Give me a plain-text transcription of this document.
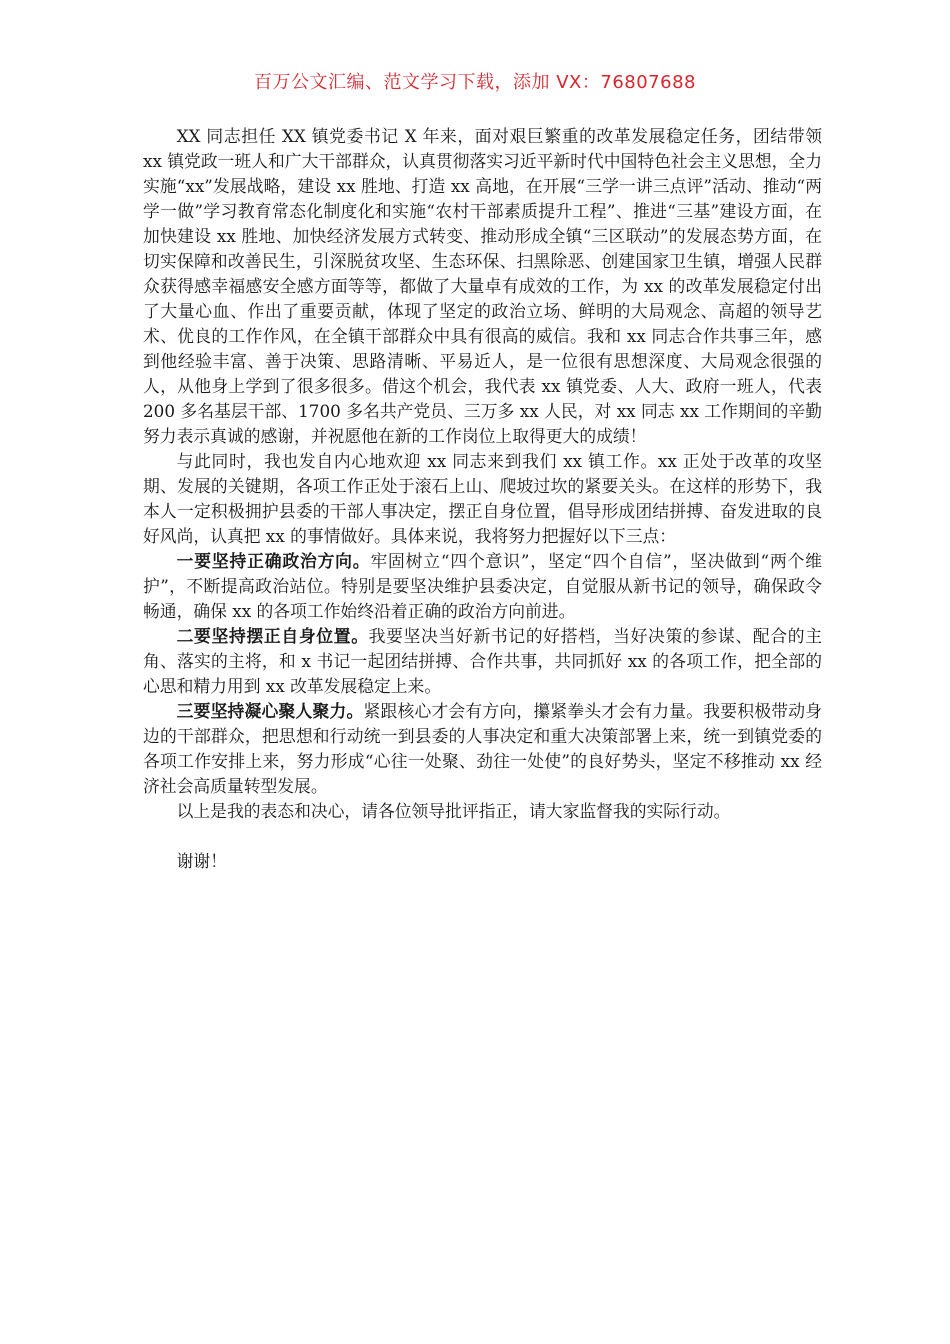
百万公文汇编、范文学习下载，添加 VX：76807688

XX 同志担任 XX 镇党委书记 X 年来，面对艰巨繁重的改革发展稳定任务，团结带领 xx 镇党政一班人和广大干部群众，认真贯彻落实习近平新时代中国特色社会主义思想，全力实施“xx”发展战略，建设 xx 胜地、打造 xx 高地，在开展“三学一讲三点评”活动、推动“两学一做”学习教育常态化制度化和实施“农村干部素质提升工程”、推进“三基”建设方面，在加快建设 xx 胜地、加快经济发展方式转变、推动形成全镇“三区联动”的发展态势方面，在切实保障和改善民生，引深脱贫攻坚、生态环保、扫黑除恶、创建国家卫生镇，增强人民群众获得感幸福感安全感方面等等，都做了大量卓有成效的工作，为 xx 的改革发展稳定付出了大量心血、作出了重要贡献，体现了坚定的政治立场、鲜明的大局观念、高超的领导艺术、优良的工作作风，在全镇干部群众中具有很高的威信。我和 xx 同志合作共事三年，感到他经验丰富、善于决策、思路清晰、平易近人，是一位很有思想深度、大局观念很强的人，从他身上学到了很多很多。借这个机会，我代表 xx 镇党委、人大、政府一班人，代表 200 多名基层干部、1700 多名共产党员、三万多 xx 人民，对 xx 同志 xx 工作期间的辛勤努力表示真诚的感谢，并祝愿他在新的工作岗位上取得更大的成绩！

与此同时，我也发自内心地欢迎 xx 同志来到我们 xx 镇工作。xx 正处于改革的攻坚期、发展的关键期，各项工作正处于滚石上山、爬坡过坎的紧要关头。在这样的形势下，我本人一定积极拥护县委的干部人事决定，摆正自身位置，倡导形成团结拼搏、奋发进取的良好风尚，认真把 xx 的事情做好。具体来说，我将努力把握好以下三点：

一要坚持正确政治方向。牢固树立“四个意识”，坚定“四个自信”，坚决做到“两个维护”，不断提高政治站位。特别是要坚决维护县委决定，自觉服从新书记的领导，确保政令畅通，确保 xx 的各项工作始终沿着正确的政治方向前进。

二要坚持摆正自身位置。我要坚决当好新书记的好搭档，当好决策的参谋、配合的主角、落实的主将，和 x 书记一起团结拼搏、合作共事，共同抓好 xx 的各项工作，把全部的心思和精力用到 xx 改革发展稳定上来。

三要坚持凝心聚人聚力。紧跟核心才会有方向，攥紧拳头才会有力量。我要积极带动身边的干部群众，把思想和行动统一到县委的人事决定和重大决策部署上来，统一到镇党委的各项工作安排上来，努力形成“心往一处聚、劲往一处使”的良好势头，坚定不移推动 xx 经济社会高质量转型发展。

以上是我的表态和决心，请各位领导批评指正，请大家监督我的实际行动。

谢谢！
